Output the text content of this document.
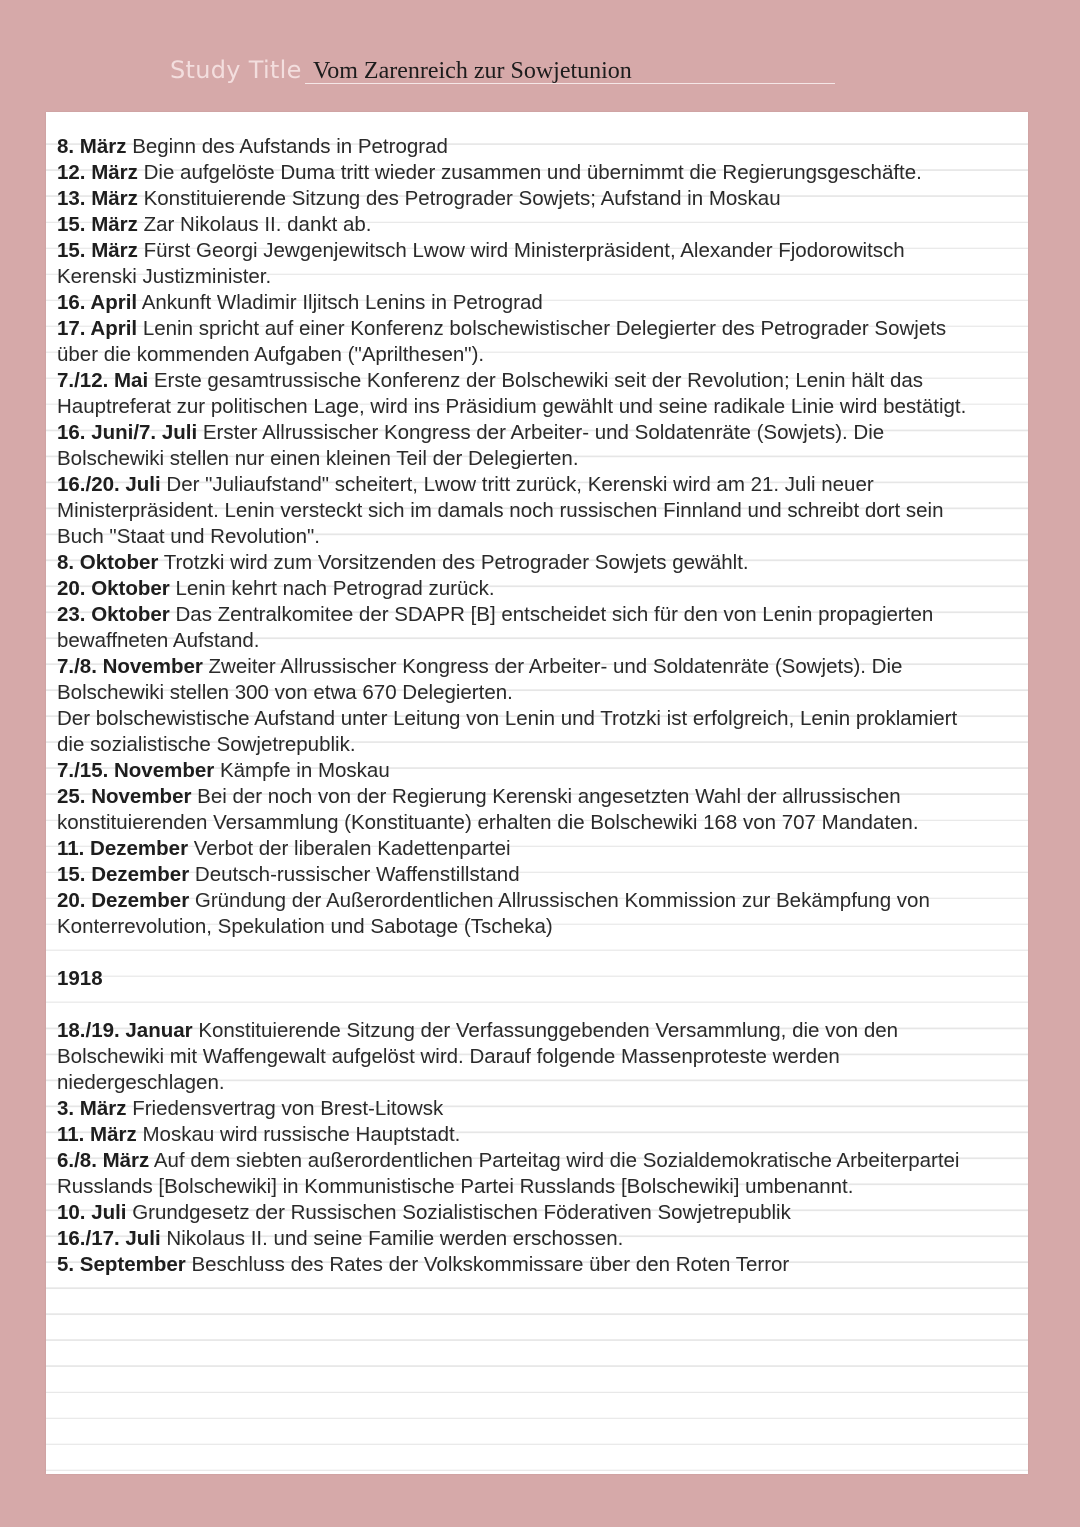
Study Title Vom Zarenreich zur Sowjetunion

8. März Beginn des Aufstands in Petrograd

12. März Die aufgelöste Duma tritt wieder zusammen und übernimmt die Regierungsgeschäfte.

13. März Konstituierende Sitzung des Petrograder Sowjets; Aufstand in Moskau

15. März Zar Nikolaus II. dankt ab.

15. März Fürst Georgi Jewgenjewitsch Lwow wird Ministerpräsident, Alexander Fjodorowitsch Kerenski Justizminister.

16. April Ankunft Wladimir Iljitsch Lenins in Petrograd

17. April Lenin spricht auf einer Konferenz bolschewistischer Delegierter des Petrograder Sowjets über die kommenden Aufgaben ("Aprilthesen").

7./12. Mai Erste gesamtrussische Konferenz der Bolschewiki seit der Revolution; Lenin hält das Hauptreferat zur politischen Lage, wird ins Präsidium gewählt und seine radikale Linie wird bestätigt.

16. Juni/7. Juli Erster Allrussischer Kongress der Arbeiter- und Soldatenräte (Sowjets). Die Bolschewiki stellen nur einen kleinen Teil der Delegierten.

16./20. Juli Der "Juliaufstand" scheitert, Lwow tritt zurück, Kerenski wird am 21. Juli neuer Ministerpräsident. Lenin versteckt sich im damals noch russischen Finnland und schreibt dort sein Buch "Staat und Revolution".

8. Oktober Trotzki wird zum Vorsitzenden des Petrograder Sowjets gewählt.

20. Oktober Lenin kehrt nach Petrograd zurück.

23. Oktober Das Zentralkomitee der SDAPR [B] entscheidet sich für den von Lenin propagierten bewaffneten Aufstand.

7./8. November Zweiter Allrussischer Kongress der Arbeiter- und Soldatenräte (Sowjets). Die Bolschewiki stellen 300 von etwa 670 Delegierten.

Der bolschewistische Aufstand unter Leitung von Lenin und Trotzki ist erfolgreich, Lenin proklamiert die sozialistische Sowjetrepublik.

7./15. November Kämpfe in Moskau

25. November Bei der noch von der Regierung Kerenski angesetzten Wahl der allrussischen konstituierenden Versammlung (Konstituante) erhalten die Bolschewiki 168 von 707 Mandaten.

11. Dezember Verbot der liberalen Kadettenpartei

15. Dezember Deutsch-russischer Waffenstillstand

20. Dezember Gründung der Außerordentlichen Allrussischen Kommission zur Bekämpfung von Konterrevolution, Spekulation und Sabotage (Tscheka)

1918

18./19. Januar Konstituierende Sitzung der Verfassunggebenden Versammlung, die von den Bolschewiki mit Waffengewalt aufgelöst wird. Darauf folgende Massenproteste werden niedergeschlagen.

3. März Friedensvertrag von Brest-Litowsk

11. März Moskau wird russische Hauptstadt.

6./8. März Auf dem siebten außerordentlichen Parteitag wird die Sozialdemokratische Arbeiterpartei Russlands [Bolschewiki] in Kommunistische Partei Russlands [Bolschewiki] umbenannt.

10. Juli Grundgesetz der Russischen Sozialistischen Föderativen Sowjetrepublik

16./17. Juli Nikolaus II. und seine Familie werden erschossen.

5. September Beschluss des Rates der Volkskommissare über den Roten Terror
